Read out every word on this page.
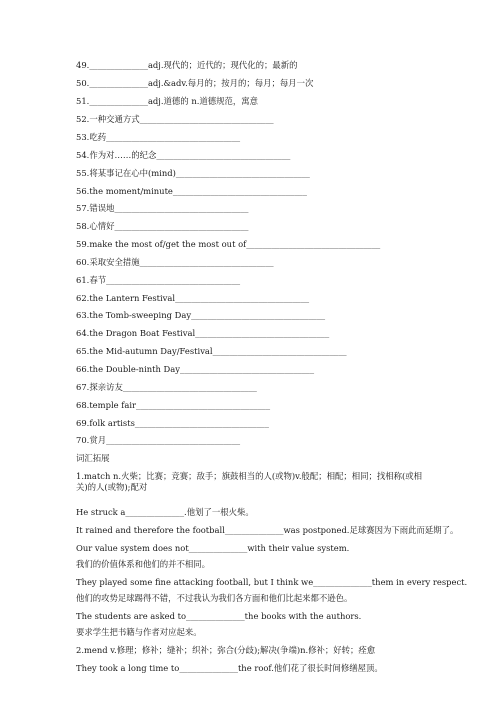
49.______________adj.现代的；近代的；现代化的；最新的
50.______________adj.&adv.每月的；按月的；每月；每月一次
51.______________adj.道德的 n.道德规范，寓意
52.一种交通方式________________________________
53.吃药________________________________
54.作为对……的纪念________________________________
55.将某事记在心中(mind)________________________________
56.the moment/minute________________________________
57.错误地________________________________
58.心情好________________________________
59.make the most of/get the most out of________________________________
60.采取安全措施________________________________
61.春节________________________________
62.the Lantern Festival________________________________
63.the Tomb-sweeping Day________________________________
64.the Dragon Boat Festival________________________________
65.the Mid-autumn Day/Festival________________________________
66.the Double-ninth Day________________________________
67.探亲访友________________________________
68.temple fair________________________________
69.folk artists________________________________
70.赏月________________________________
词汇拓展
1.match n.火柴；比赛；竞赛；敌手；旗鼓相当的人(或物)v.般配；相配；相同；找相称(或相关)的人(或物);配对
He struck a______________.他划了一根火柴。
It rained and therefore the football______________was postponed.足球赛因为下雨此而延期了。
Our value system does not______________with their value system.
我们的价值体系和他们的并不相同。
They played some fine attacking football, but I think we______________them in every respect.
他们的攻势足球踢得不错，不过我认为我们各方面和他们比起来都不逊色。
The students are asked to______________the books with the authors.
要求学生把书籍与作者对应起来。
2.mend v.修理；修补；缝补；织补；弥合(分歧);解决(争端)n.修补；好转；痊愈
They took a long time to______________the roof.他们花了很长时间修缮屋顶。
